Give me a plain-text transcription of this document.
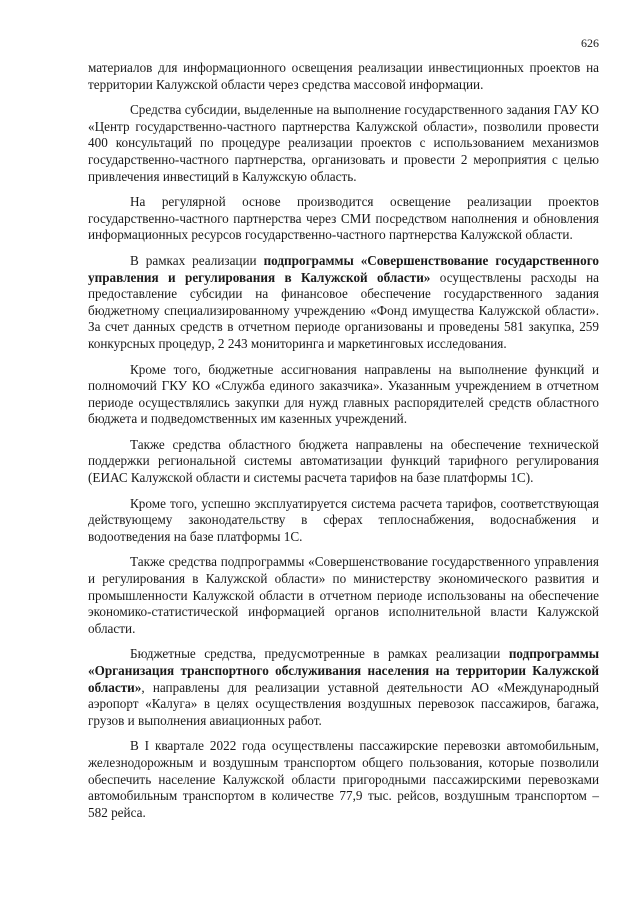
626

материалов для информационного освещения реализации инвестиционных проектов на территории Калужской области через средства массовой информации.

Средства субсидии, выделенные на выполнение государственного задания ГАУ КО «Центр государственно-частного партнерства Калужской области», позволили провести 400 консультаций по процедуре реализации проектов с использованием механизмов государственно-частного партнерства, организовать и провести 2 мероприятия с целью привлечения инвестиций в Калужскую область.

На регулярной основе производится освещение реализации проектов государственно-частного партнерства через СМИ посредством наполнения и обновления информационных ресурсов государственно-частного партнерства Калужской области.

В рамках реализации подпрограммы «Совершенствование государственного управления и регулирования в Калужской области» осуществлены расходы на предоставление субсидии на финансовое обеспечение государственного задания бюджетному специализированному учреждению «Фонд имущества Калужской области». За счет данных средств в отчетном периоде организованы и проведены 581 закупка, 259 конкурсных процедур, 2 243 мониторинга и маркетинговых исследования.

Кроме того, бюджетные ассигнования направлены на выполнение функций и полномочий ГКУ КО «Служба единого заказчика». Указанным учреждением в отчетном периоде осуществлялись закупки для нужд главных распорядителей средств областного бюджета и подведомственных им казенных учреждений.

Также средства областного бюджета направлены на обеспечение технической поддержки региональной системы автоматизации функций тарифного регулирования (ЕИАС Калужской области и системы расчета тарифов на базе платформы 1С).

Кроме того, успешно эксплуатируется система расчета тарифов, соответствующая действующему законодательству в сферах теплоснабжения, водоснабжения и водоотведения на базе платформы 1С.

Также средства подпрограммы «Совершенствование государственного управления и регулирования в Калужской области» по министерству экономического развития и промышленности Калужской области в отчетном периоде использованы на обеспечение экономико-статистической информацией органов исполнительной власти Калужской области.

Бюджетные средства, предусмотренные в рамках реализации подпрограммы «Организация транспортного обслуживания населения на территории Калужской области», направлены для реализации уставной деятельности АО «Международный аэропорт «Калуга» в целях осуществления воздушных перевозок пассажиров, багажа, грузов и выполнения авиационных работ.

В I квартале 2022 года осуществлены пассажирские перевозки автомобильным, железнодорожным и воздушным транспортом общего пользования, которые позволили обеспечить население Калужской области пригородными пассажирскими перевозками автомобильным транспортом в количестве 77,9 тыс. рейсов, воздушным транспортом – 582 рейса.
